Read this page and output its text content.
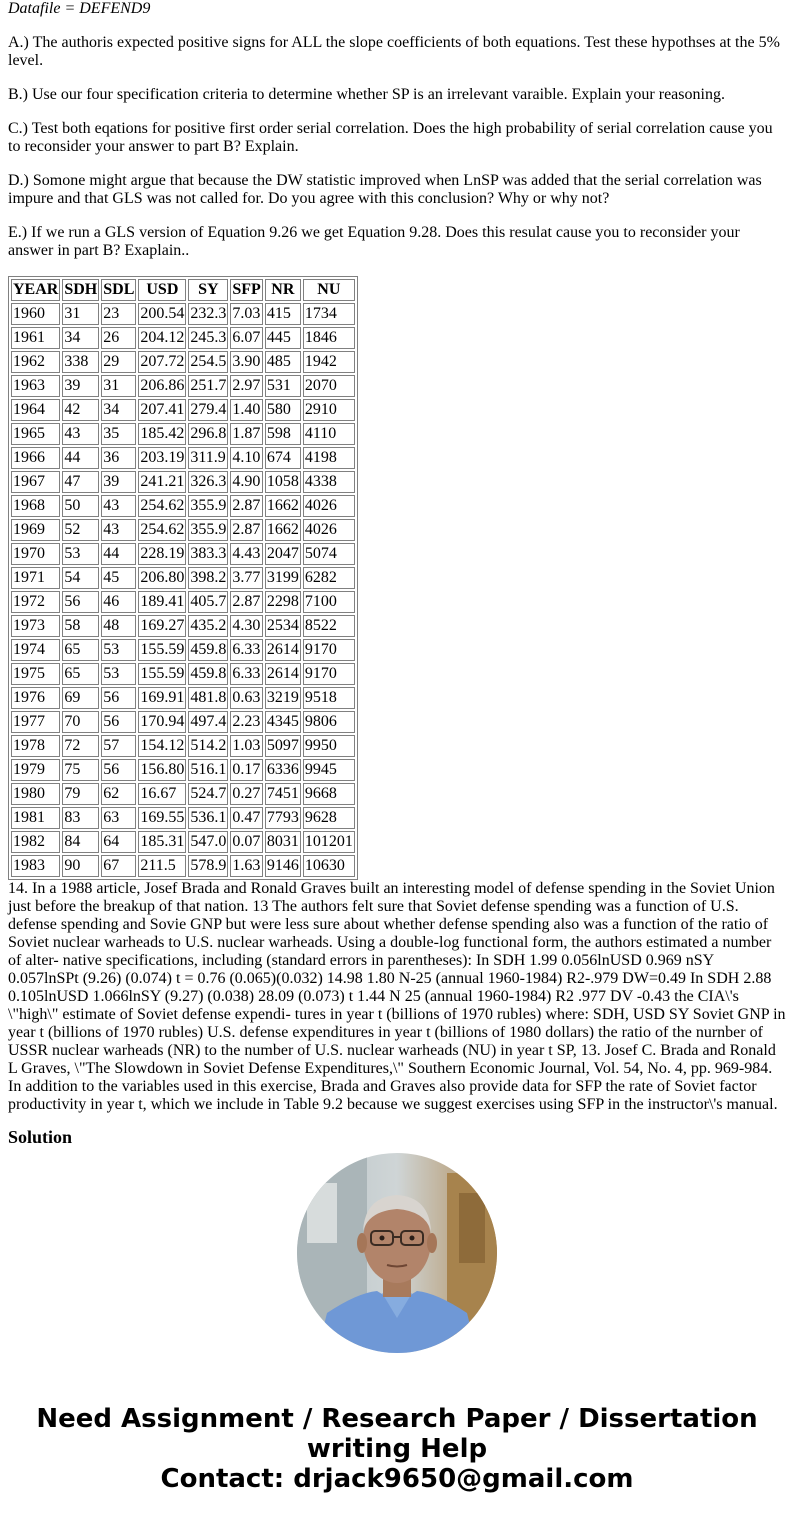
Datafile = DEFEND9

A.) The authoris expected positive signs for ALL the slope coefficients of both equations. Test these hypothses at the 5% level.

B.) Use our four specification criteria to determine whether SP is an irrelevant varaible. Explain your reasoning.

C.) Test both eqations for positive first order serial correlation. Does the high probability of serial correlation cause you to reconsider your answer to part B? Explain.

D.) Somone might argue that because the DW statistic improved when LnSP was added that the serial correlation was impure and that GLS was not called for. Do you agree with this conclusion? Why or why not?

E.) If we run a GLS version of Equation 9.26 we get Equation 9.28. Does this resulat cause you to reconsider your answer in part B? Exaplain..

YEAR	SDH	SDL	USD	SY	SFP	NR	NU
1960	31	23	200.54	232.3	7.03	415	1734
1961	34	26	204.12	245.3	6.07	445	1846
1962	338	29	207.72	254.5	3.90	485	1942
1963	39	31	206.86	251.7	2.97	531	2070
1964	42	34	207.41	279.4	1.40	580	2910
1965	43	35	185.42	296.8	1.87	598	4110
1966	44	36	203.19	311.9	4.10	674	4198
1967	47	39	241.21	326.3	4.90	1058	4338
1968	50	43	254.62	355.9	2.87	1662	4026
1969	52	43	254.62	355.9	2.87	1662	4026
1970	53	44	228.19	383.3	4.43	2047	5074
1971	54	45	206.80	398.2	3.77	3199	6282
1972	56	46	189.41	405.7	2.87	2298	7100
1973	58	48	169.27	435.2	4.30	2534	8522
1974	65	53	155.59	459.8	6.33	2614	9170
1975	65	53	155.59	459.8	6.33	2614	9170
1976	69	56	169.91	481.8	0.63	3219	9518
1977	70	56	170.94	497.4	2.23	4345	9806
1978	72	57	154.12	514.2	1.03	5097	9950
1979	75	56	156.80	516.1	0.17	6336	9945
1980	79	62	16.67	524.7	0.27	7451	9668
1981	83	63	169.55	536.1	0.47	7793	9628
1982	84	64	185.31	547.0	0.07	8031	101201
1983	90	67	211.5	578.9	1.63	9146	10630

14. In a 1988 article, Josef Brada and Ronald Graves built an interesting model of defense spending in the Soviet Union just before the breakup of that nation. 13 The authors felt sure that Soviet defense spending was a function of U.S. defense spending and Sovie GNP but were less sure about whether defense spending also was a function of the ratio of Soviet nuclear warheads to U.S. nuclear warheads. Using a double-log functional form, the authors estimated a number of alter- native specifications, including (standard errors in parentheses): In SDH 1.99 0.056lnUSD 0.969 nSY 0.057lnSPt (9.26) (0.074) t = 0.76 (0.065)(0.032) 14.98 1.80 N-25 (annual 1960-1984) R2-.979 DW=0.49 In SDH 2.88 0.105lnUSD 1.066lnSY (9.27) (0.038) 28.09 (0.073) t 1.44 N 25 (annual 1960-1984) R2 .977 DV -0.43 the CIA\'s \"high\" estimate of Soviet defense expendi- tures in year t (billions of 1970 rubles) where: SDH, USD SY Soviet GNP in year t (billions of 1970 rubles) U.S. defense expenditures in year t (billions of 1980 dollars) the ratio of the nurnber of USSR nuclear warheads (NR) to the number of U.S. nuclear warheads (NU) in year t SP, 13. Josef C. Brada and Ronald L Graves, \"The Slowdown in Soviet Defense Expenditures,\" Southern Economic Journal, Vol. 54, No. 4, pp. 969-984. In addition to the variables used in this exercise, Brada and Graves also provide data for SFP the rate of Soviet factor productivity in year t, which we include in Table 9.2 because we suggest exercises using SFP in the instructor\'s manual.

Solution
Need Assignment / Research Paper / Dissertation
writing Help
Contact: drjack9650@gmail.com
